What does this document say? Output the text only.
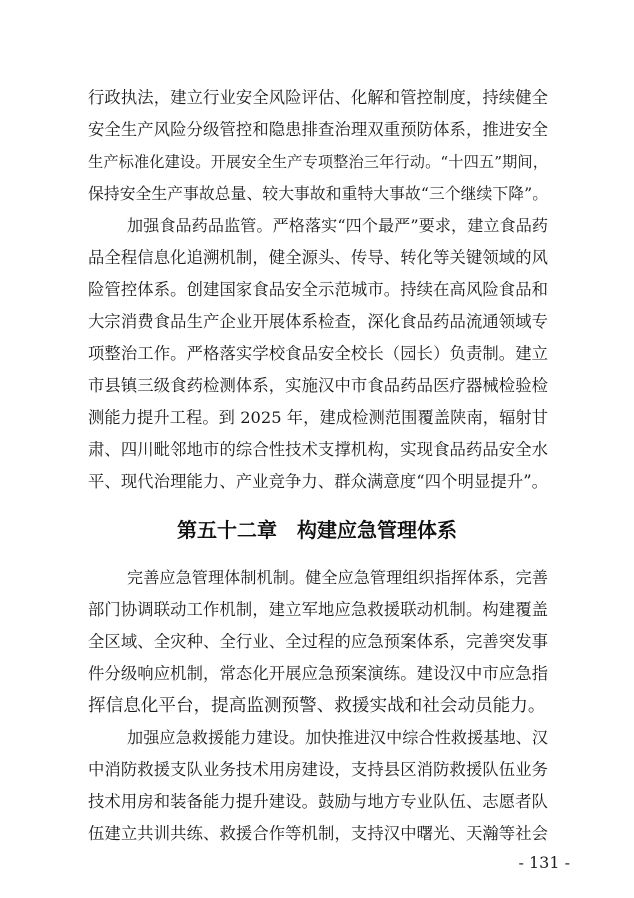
行政执法，建立行业安全风险评估、化解和管控制度，持续健全
安全生产风险分级管控和隐患排查治理双重预防体系，推进安全
生产标准化建设。开展安全生产专项整治三年行动。“十四五”期间，
保持安全生产事故总量、较大事故和重特大事故“三个继续下降”。
加强食品药品监管。严格落实“四个最严”要求，建立食品药
品全程信息化追溯机制，健全源头、传导、转化等关键领域的风
险管控体系。创建国家食品安全示范城市。持续在高风险食品和
大宗消费食品生产企业开展体系检查，深化食品药品流通领域专
项整治工作。严格落实学校食品安全校长（园长）负责制。建立
市县镇三级食药检测体系，实施汉中市食品药品医疗器械检验检
测能力提升工程。到 2025 年，建成检测范围覆盖陕南，辐射甘
肃、四川毗邻地市的综合性技术支撑机构，实现食品药品安全水
平、现代治理能力、产业竞争力、群众满意度“四个明显提升”。
第五十二章　构建应急管理体系
完善应急管理体制机制。健全应急管理组织指挥体系，完善
部门协调联动工作机制，建立军地应急救援联动机制。构建覆盖
全区域、全灾种、全行业、全过程的应急预案体系，完善突发事
件分级响应机制，常态化开展应急预案演练。建设汉中市应急指
挥信息化平台，提高监测预警、救援实战和社会动员能力。
加强应急救援能力建设。加快推进汉中综合性救援基地、汉
中消防救援支队业务技术用房建设，支持县区消防救援队伍业务
技术用房和装备能力提升建设。鼓励与地方专业队伍、志愿者队
伍建立共训共练、救援合作等机制，支持汉中曙光、天瀚等社会
- 131 -
